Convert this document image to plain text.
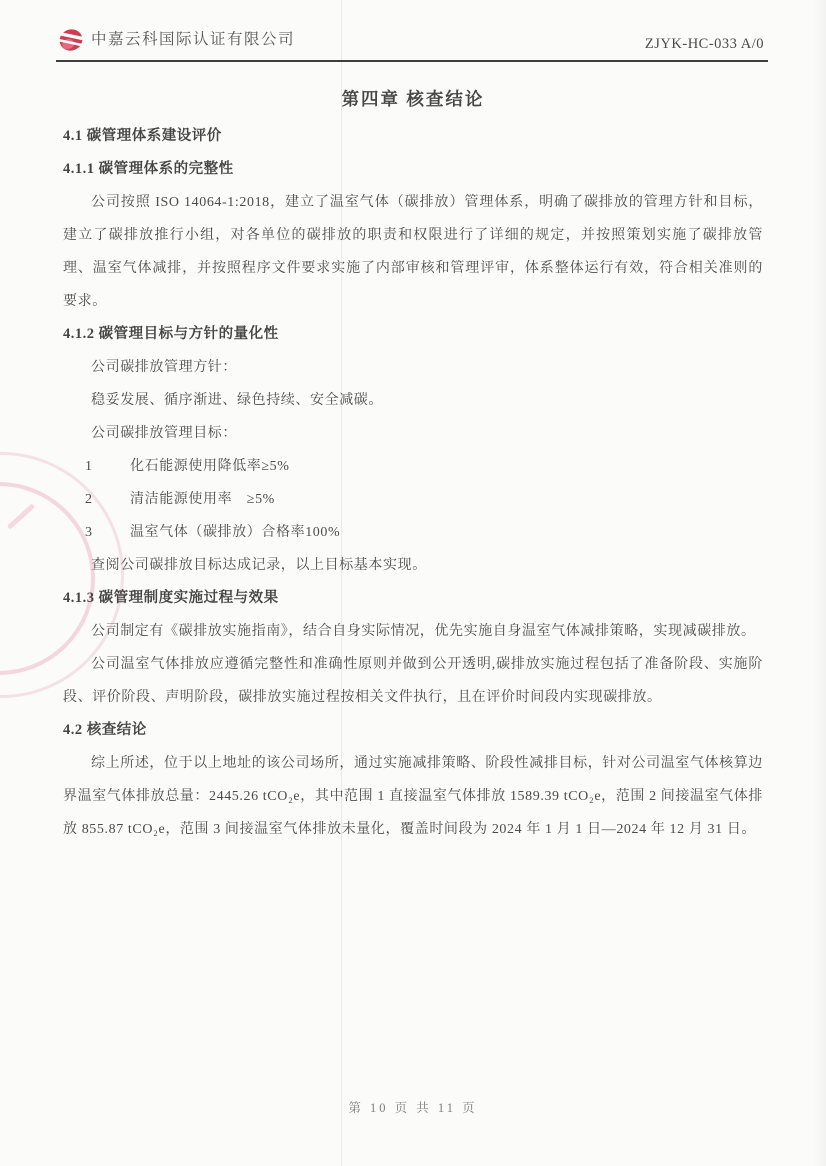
中嘉云科国际认证有限公司	ZJYK-HC-033 A/0
第四章 核查结论
4.1 碳管理体系建设评价
4.1.1 碳管理体系的完整性

公司按照 ISO 14064-1:2018，建立了温室气体（碳排放）管理体系，明确了碳排放的管理方针和目标，建立了碳排放推行小组，对各单位的碳排放的职责和权限进行了详细的规定，并按照策划实施了碳排放管理、温室气体减排，并按照程序文件要求实施了内部审核和管理评审，体系整体运行有效，符合相关准则的要求。

4.1.2 碳管理目标与方针的量化性
公司碳排放管理方针：
稳妥发展、循序渐进、绿色持续、安全减碳。
公司碳排放管理目标：
1	化石能源使用降低率≥5%
2	清洁能源使用率　≥5%
3	温室气体（碳排放）合格率100%
查阅公司碳排放目标达成记录，以上目标基本实现。
4.1.3 碳管理制度实施过程与效果

公司制定有《碳排放实施指南》，结合自身实际情况，优先实施自身温室气体减排策略，实现减碳排放。

公司温室气体排放应遵循完整性和准确性原则并做到公开透明,碳排放实施过程包括了准备阶段、实施阶段、评价阶段、声明阶段，碳排放实施过程按相关文件执行，且在评价时间段内实现碳排放。

4.2 核查结论

综上所述，位于以上地址的该公司场所，通过实施减排策略、阶段性减排目标，针对公司温室气体核算边界温室气体排放总量：2445.26 tCO₂e，其中范围 1 直接温室气体排放 1589.39 tCO₂e，范围 2 间接温室气体排放 855.87 tCO₂e，范围 3 间接温室气体排放未量化，覆盖时间段为 2024 年 1 月 1 日—2024 年 12 月 31 日。

第 10 页 共 11 页
